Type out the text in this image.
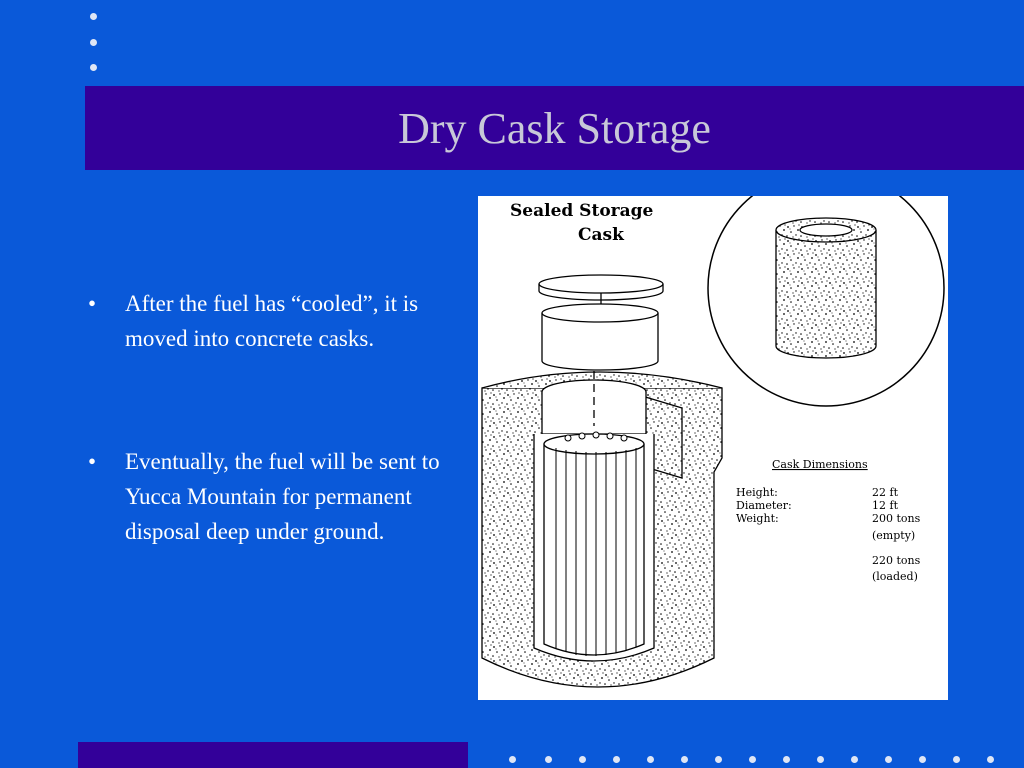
Dry Cask Storage
• After the fuel has “cooled”, it is moved into concrete casks.
• Eventually, the fuel will be sent to Yucca Mountain for permanent disposal deep under ground.
Sealed Storage
Cask
Cask Dimensions
Height:	22 ft
Diameter:	12 ft
Weight:	200 tons
(empty)
220 tons
(loaded)
